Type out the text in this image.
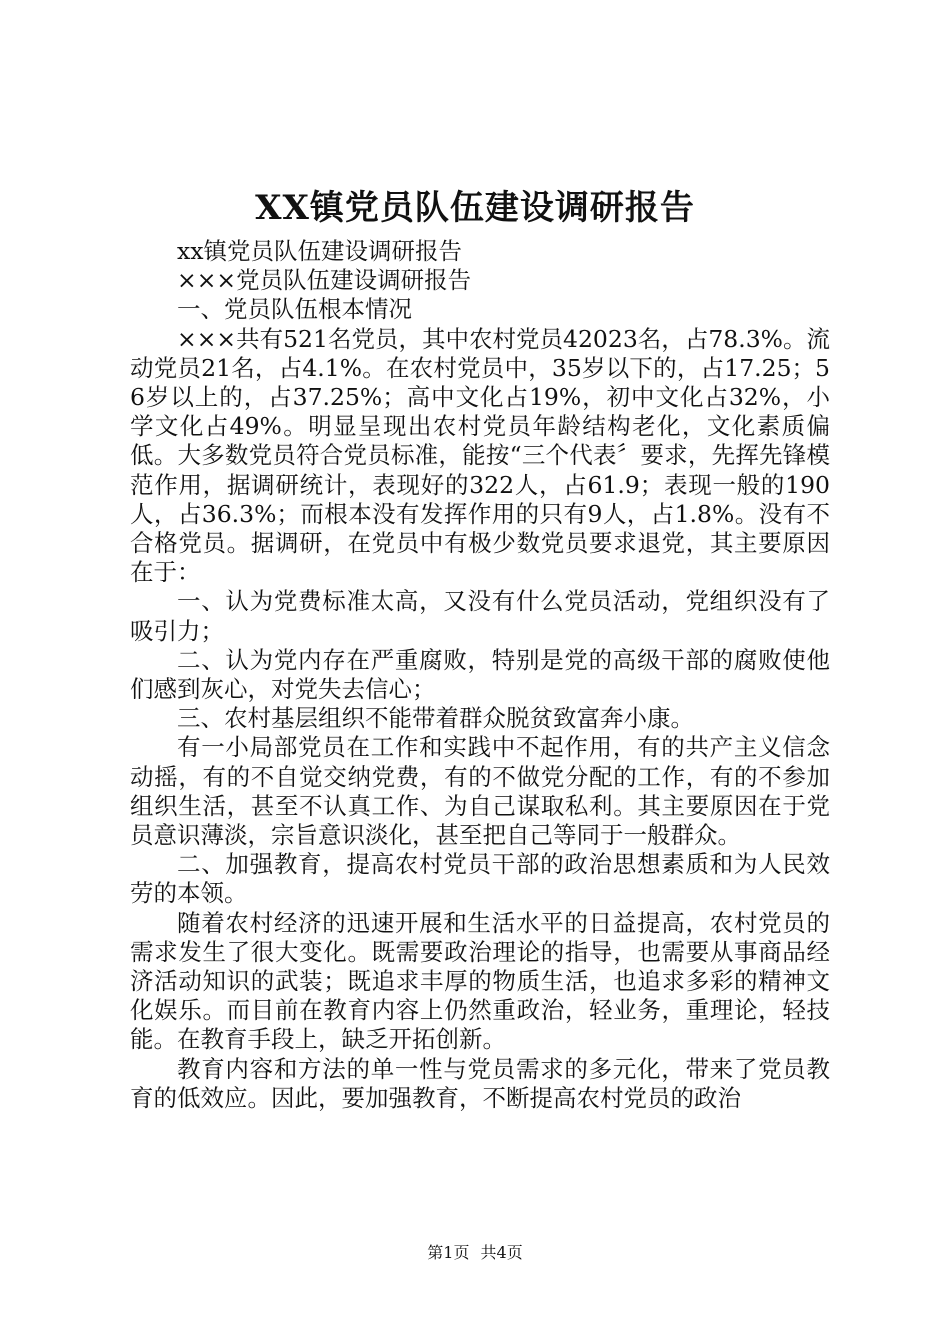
XX镇党员队伍建设调研报告

xx镇党员队伍建设调研报告

×××党员队伍建设调研报告

一、党员队伍根本情况

×××共有521名党员，其中农村党员42023名，占78.3%。流动党员21名，占4.1%。在农村党员中，35岁以下的，占17.25；56岁以上的，占37.25%；高中文化占19%，初中文化占32%，小学文化占49%。明显呈现出农村党员年龄结构老化，文化素质偏低。大多数党员符合党员标准，能按“三个代表〞要求，先挥先锋模范作用，据调研统计，表现好的322人，占61.9；表现一般的190人，占36.3%；而根本没有发挥作用的只有9人，占1.8%。没有不合格党员。据调研，在党员中有极少数党员要求退党，其主要原因在于：

一、认为党费标准太高，又没有什么党员活动，党组织没有了吸引力；

二、认为党内存在严重腐败，特别是党的高级干部的腐败使他们感到灰心，对党失去信心；

三、农村基层组织不能带着群众脱贫致富奔小康。

有一小局部党员在工作和实践中不起作用，有的共产主义信念动摇，有的不自觉交纳党费，有的不做党分配的工作，有的不参加组织生活，甚至不认真工作、为自己谋取私利。其主要原因在于党员意识薄淡，宗旨意识淡化，甚至把自己等同于一般群众。

二、加强教育，提高农村党员干部的政治思想素质和为人民效劳的本领。

随着农村经济的迅速开展和生活水平的日益提高，农村党员的需求发生了很大变化。既需要政治理论的指导，也需要从事商品经济活动知识的武装；既追求丰厚的物质生活，也追求多彩的精神文化娱乐。而目前在教育内容上仍然重政治，轻业务，重理论，轻技能。在教育手段上，缺乏开拓创新。

教育内容和方法的单一性与党员需求的多元化，带来了党员教育的低效应。因此，要加强教育，不断提高农村党员的政治

第1页 共4页
